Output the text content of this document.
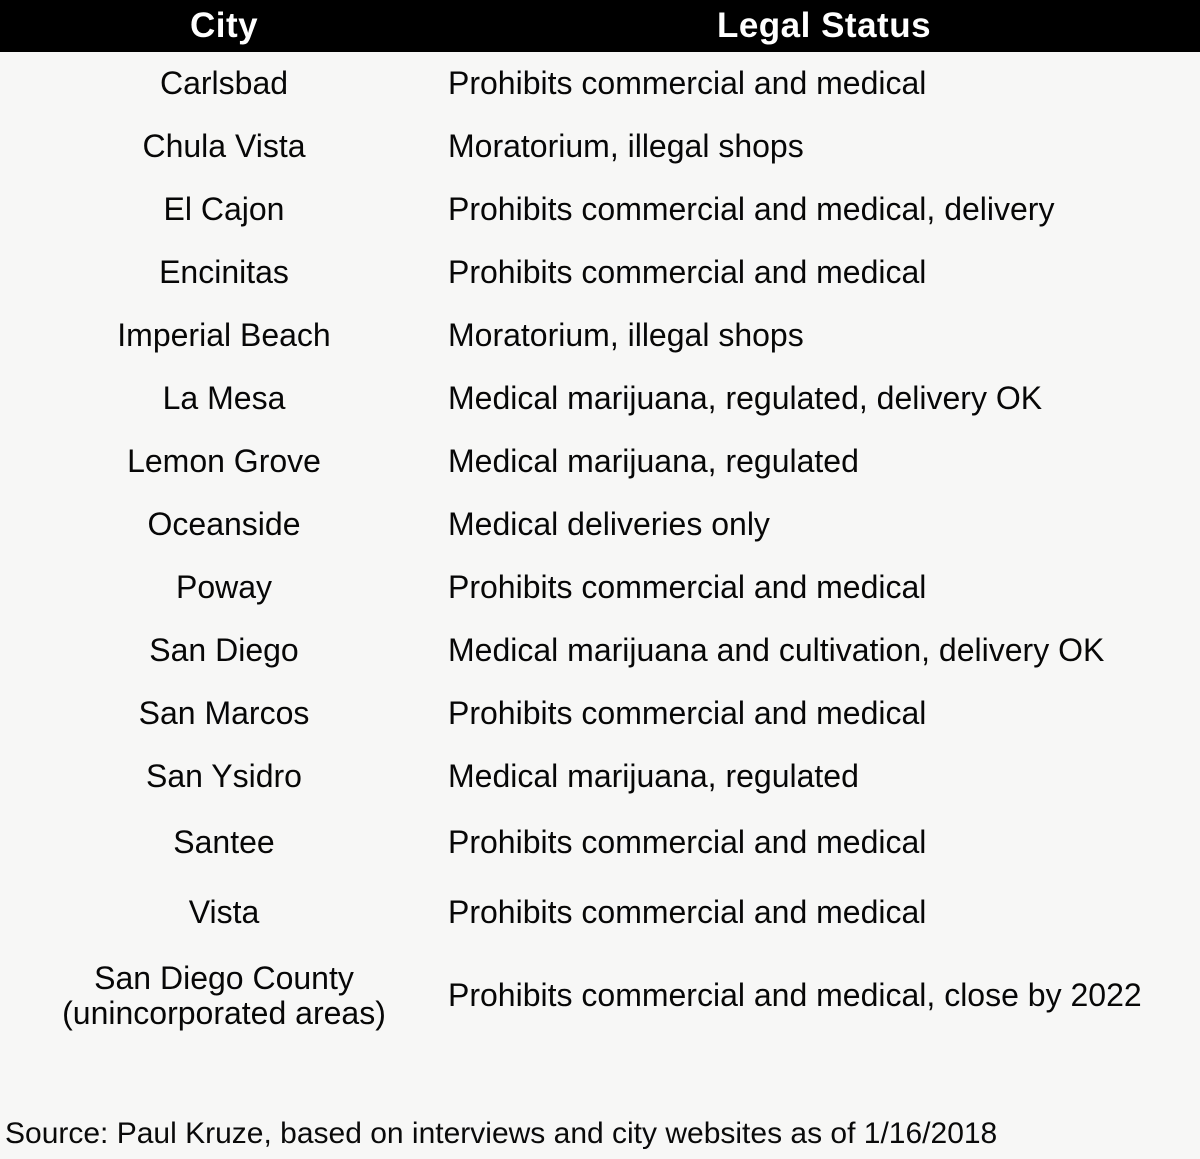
City	Legal Status
Carlsbad	Prohibits commercial and medical
Chula Vista	Moratorium, illegal shops
El Cajon	Prohibits commercial and medical, delivery
Encinitas	Prohibits commercial and medical
Imperial Beach	Moratorium, illegal shops
La Mesa	Medical marijuana, regulated, delivery OK
Lemon Grove	Medical marijuana, regulated
Oceanside	Medical deliveries only
Poway	Prohibits commercial and medical
San Diego	Medical marijuana and cultivation, delivery OK
San Marcos	Prohibits commercial and medical
San Ysidro	Medical marijuana, regulated
Santee	Prohibits commercial and medical
Vista	Prohibits commercial and medical
San Diego County (unincorporated areas)	Prohibits commercial and medical, close by 2022
Source: Paul Kruze, based on interviews and city websites as of 1/16/2018
